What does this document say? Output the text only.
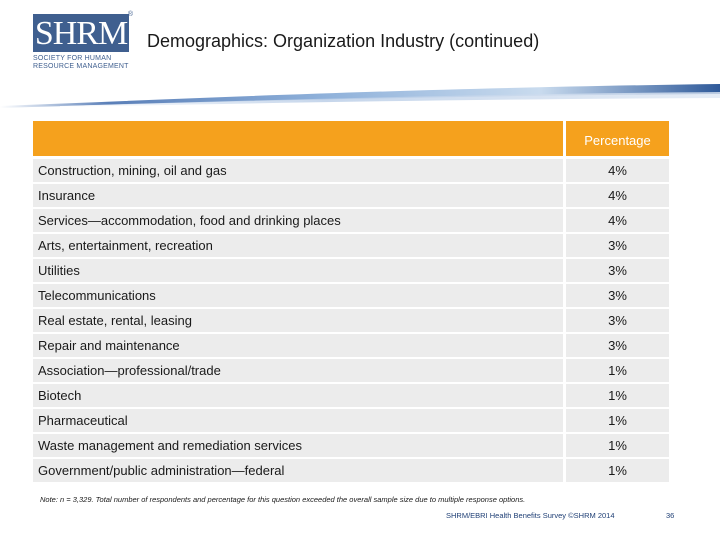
SHRM
®
SOCIETY FOR HUMAN RESOURCE MANAGEMENT
Demographics: Organization Industry (continued)
	Percentage
Construction, mining, oil and gas	4%
Insurance	4%
Services—accommodation, food and drinking places	4%
Arts, entertainment, recreation	3%
Utilities	3%
Telecommunications	3%
Real estate, rental, leasing	3%
Repair and maintenance	3%
Association—professional/trade	1%
Biotech	1%
Pharmaceutical	1%
Waste management and remediation services	1%
Government/public administration—federal	1%
Note: n = 3,329. Total number of respondents and percentage for this question exceeded the overall sample size due to multiple response options.
SHRM/EBRI Health Benefits Survey ©SHRM 2014	36
